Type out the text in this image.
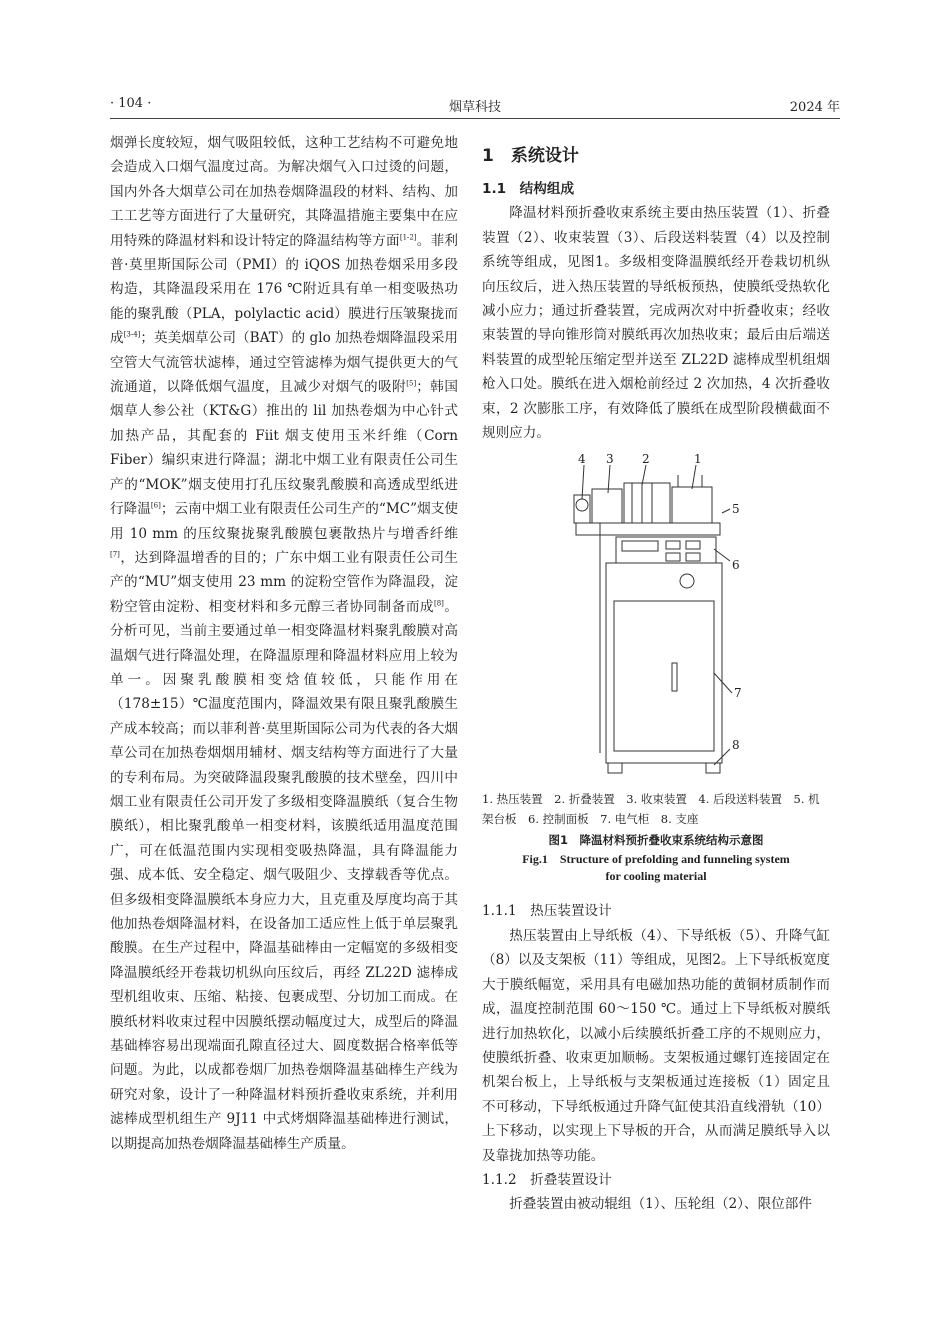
· 104 ·	烟草科技	2024 年

烟弹长度较短，烟气吸阻较低，这种工艺结构不可避免地会造成入口烟气温度过高。为解决烟气入口过烫的问题，国内外各大烟草公司在加热卷烟降温段的材料、结构、加工工艺等方面进行了大量研究，其降温措施主要集中在应用特殊的降温材料和设计特定的降温结构等方面[1-2]。菲利普·莫里斯国际公司（PMI）的 iQOS 加热卷烟采用多段构造，其降温段采用在 176 ℃附近具有单一相变吸热功能的聚乳酸（PLA，polylactic acid）膜进行压皱聚拢而成[3-4]；英美烟草公司（BAT）的 glo 加热卷烟降温段采用空管大气流管状滤棒，通过空管滤棒为烟气提供更大的气流通道，以降低烟气温度，且减少对烟气的吸附[5]；韩国烟草人参公社（KT&G）推出的 lil 加热卷烟为中心针式加热产品，其配套的 Fiit 烟支使用玉米纤维（Corn Fiber）编织束进行降温；湖北中烟工业有限责任公司生产的“MOK”烟支使用打孔压纹聚乳酸膜和高透成型纸进行降温[6]；云南中烟工业有限责任公司生产的“MC”烟支使用 10 mm 的压纹聚拢聚乳酸膜包裹散热片与增香纤维[7]，达到降温增香的目的；广东中烟工业有限责任公司生产的“MU”烟支使用 23 mm 的淀粉空管作为降温段，淀粉空管由淀粉、相变材料和多元醇三者协同制备而成[8]。分析可见，当前主要通过单一相变降温材料聚乳酸膜对高温烟气进行降温处理，在降温原理和降温材料应用上较为单一。因聚乳酸膜相变焓值较低，只能作用在（178±15）℃温度范围内，降温效果有限且聚乳酸膜生产成本较高；而以菲利普·莫里斯国际公司为代表的各大烟草公司在加热卷烟烟用辅材、烟支结构等方面进行了大量的专利布局。为突破降温段聚乳酸膜的技术壁垒，四川中烟工业有限责任公司开发了多级相变降温膜纸（复合生物膜纸），相比聚乳酸单一相变材料，该膜纸适用温度范围广，可在低温范围内实现相变吸热降温，具有降温能力强、成本低、安全稳定、烟气吸阻少、支撑载香等优点。但多级相变降温膜纸本身应力大，且克重及厚度均高于其他加热卷烟降温材料，在设备加工适应性上低于单层聚乳酸膜。在生产过程中，降温基础棒由一定幅宽的多级相变降温膜纸经开卷栽切机纵向压纹后，再经 ZL22D 滤棒成型机组收束、压缩、粘接、包裹成型、分切加工而成。在膜纸材料收束过程中因膜纸摆动幅度过大，成型后的降温基础棒容易出现端面孔隙直径过大、圆度数据合格率低等问题。为此，以成都卷烟厂加热卷烟降温基础棒生产线为研究对象，设计了一种降温材料预折叠收束系统，并利用滤棒成型机组生产 9J11 中式烤烟降温基础棒进行测试，以期提高加热卷烟降温基础棒生产质量。

1　系统设计

1.1　结构组成

降温材料预折叠收束系统主要由热压装置（1）、折叠装置（2）、收束装置（3）、后段送料装置（4）以及控制系统等组成，见图1。多级相变降温膜纸经开卷栽切机纵向压纹后，进入热压装置的导纸板预热，使膜纸受热软化减小应力；通过折叠装置，完成两次对中折叠收束；经收束装置的导向锥形筒对膜纸再次加热收束；最后由后端送料装置的成型轮压缩定型并送至 ZL22D 滤棒成型机组烟枪入口处。膜纸在进入烟枪前经过 2 次加热，4 次折叠收束，2 次膨胀工序，有效降低了膜纸在成型阶段横截面不规则应力。

4 3 2	1
5
6
7
8

1. 热压装置　2. 折叠装置　3. 收束装置　4. 后段送料装置　5. 机架台板　6. 控制面板　7. 电气柜　8. 支座

图1　降温材料预折叠收束系统结构示意图

Fig.1　Structure of prefolding and funneling system
for cooling material

1.1.1　热压装置设计

热压装置由上导纸板（4）、下导纸板（5）、升降气缸（8）以及支架板（11）等组成，见图2。上下导纸板宽度大于膜纸幅宽，采用具有电磁加热功能的黄铜材质制作而成，温度控制范围 60～150 ℃。通过上下导纸板对膜纸进行加热软化，以减小后续膜纸折叠工序的不规则应力，使膜纸折叠、收束更加顺畅。支架板通过螺钉连接固定在机架台板上，上导纸板与支架板通过连接板（1）固定且不可移动，下导纸板通过升降气缸使其沿直线滑轨（10）上下移动，以实现上下导板的开合，从而满足膜纸导入以及靠拢加热等功能。

1.1.2　折叠装置设计

折叠装置由被动辊组（1）、压轮组（2）、限位部件
